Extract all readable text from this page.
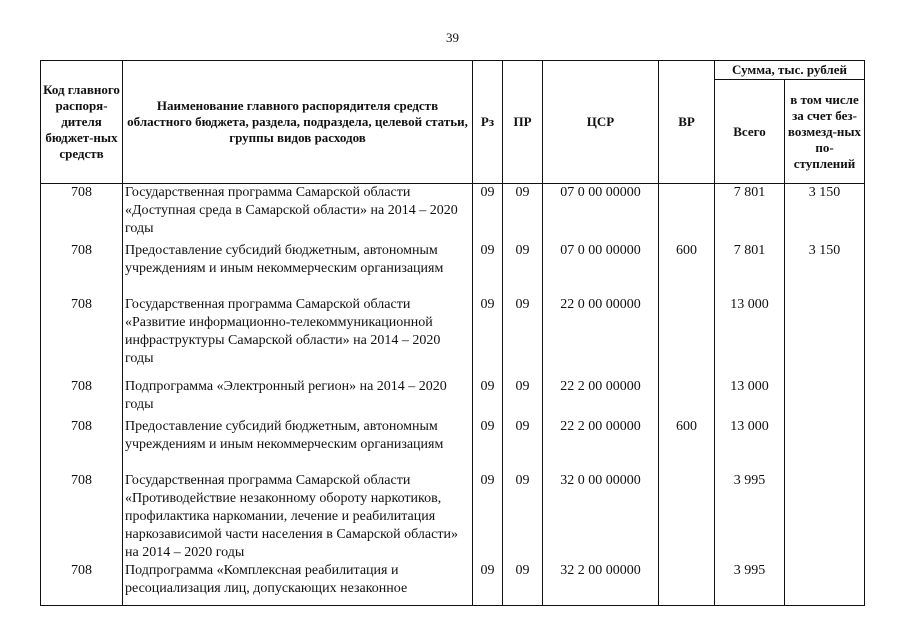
39
Код главного распоря-дителя бюджет-ных средств	Наименование главного распорядителя средств областного бюджета, раздела, подраздела, целевой статьи, группы видов расходов	Рз	ПР	ЦСР	ВР	Сумма, тыс. рублей	
						Всего	в том числе за счет без-возмезд-ных по-ступлений
708	Государственная программа Самарской области «Доступная среда в Самарской области» на 2014 – 2020 годы	09	09	07 0 00 00000		7 801	3 150
708	Предоставление субсидий бюджетным, автономным учреждениям и иным некоммерческим организациям	09	09	07 0 00 00000	600	7 801	3 150
708	Государственная программа Самарской области «Развитие информационно-телекоммуникационной инфраструктуры Самарской области» на 2014 – 2020 годы	09	09	22 0 00 00000		13 000	
708	Подпрограмма «Электронный регион» на 2014 – 2020 годы	09	09	22 2 00 00000		13 000	
708	Предоставление субсидий бюджетным, автономным учреждениям и иным некоммерческим организациям	09	09	22 2 00 00000	600	13 000	
708	Государственная программа Самарской области «Противодействие незаконному обороту наркотиков, профилактика наркомании, лечение и реабилитация наркозависимой части населения в Самарской области» на 2014 – 2020 годы	09	09	32 0 00 00000		3 995	
708	Подпрограмма «Комплексная реабилитация и ресоциализация лиц, допускающих незаконное	09	09	32 2 00 00000		3 995	
